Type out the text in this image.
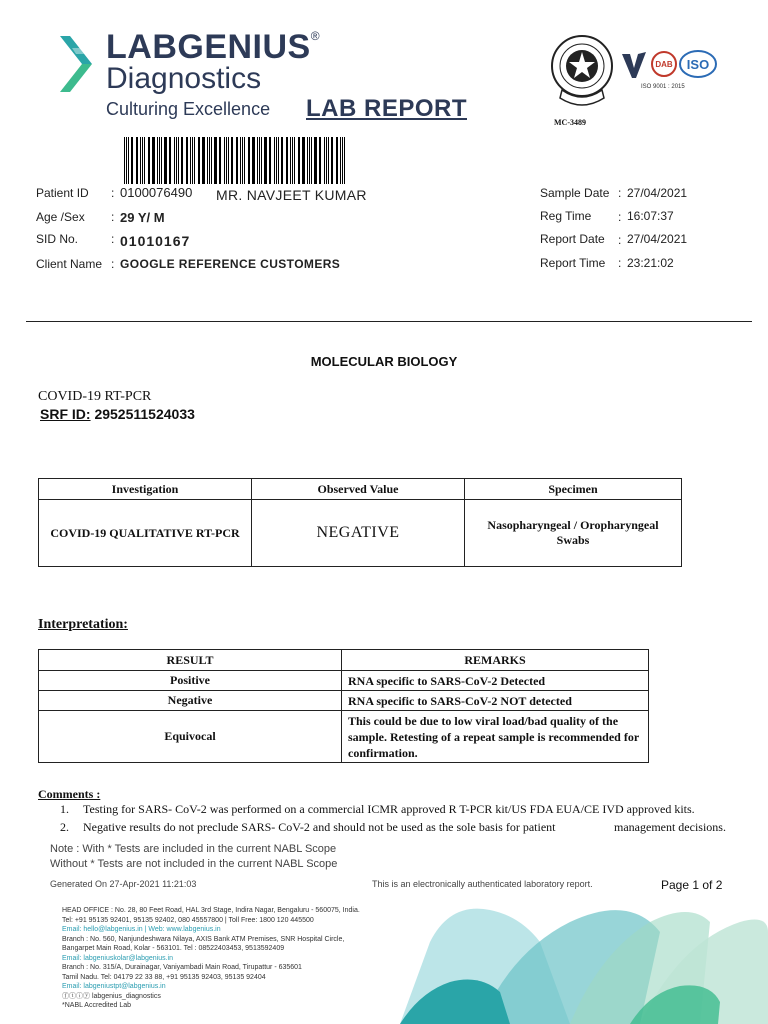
LABGENIUS®
Diagnostics
Culturing Excellence LAB REPORT
MC-3489
DAB ISO
ISO 9001 : 2015
Patient ID : 0100076490 MR. NAVJEET KUMAR
Age /Sex : 29 Y/ M
SID No.	: 01010167
Client Name : GOOGLE REFERENCE CUSTOMERS
Sample Date : 27/04/2021
Reg Time : 16:07:37
Report Date : 27/04/2021
Report Time : 23:21:02
MOLECULAR BIOLOGY
COVID-19 RT-PCR
SRF ID: 2952511524033
Investigation	Observed Value	Specimen
COVID-19 QUALITATIVE RT-PCR	NEGATIVE	Nasopharyngeal / Oropharyngeal Swabs
Interpretation:
RESULT	REMARKS
Positive	RNA specific to SARS-CoV-2 Detected
Negative	RNA specific to SARS-CoV-2 NOT detected
Equivocal	This could be due to low viral load/bad quality of the sample. Retesting of a repeat sample is recommended for confirmation.
Comments :
1. Testing for SARS- CoV-2 was performed on a commercial ICMR approved R T-PCR kit/US FDA EUA/CE IVD approved kits.
2. Negative results do not preclude SARS- CoV-2 and should not be used as the sole basis for patient	management decisions.
Note : With * Tests are included in the current NABL Scope
Without * Tests are not included in the current NABL Scope
Generated On 27-Apr-2021 11:21:03	This is an electronically authenticated laboratory report.	Page 1 of 2
HEAD OFFICE : No. 28, 80 Feet Road, HAL 3rd Stage, Indira Nagar, Bengaluru - 560075, India.
Tel: +91 95135 92401, 95135 92402, 080 45557800 | Toll Free: 1800 120 445500
Email: hello@labgenius.in | Web: www.labgenius.in
Branch : No. 560, Nanjundeshwara Nilaya, AXIS Bank ATM Premises, SNR Hospital Circle,
Bangarpet Main Road, Kolar - 563101. Tel : 08522403453, 9513592409
Email: labgeniuskolar@labgenius.in
Branch : No. 315/A, Durainagar, Vaniyambadi Main Road, Tirupattur - 635601
Tamil Nadu. Tel: 04179 22 33 88, +91 95135 92403, 95135 92404
Email: labgeniustpt@labgenius.in
ⓕⓣⓘⓨ labgenius_diagnostics
*NABL Accredited Lab
